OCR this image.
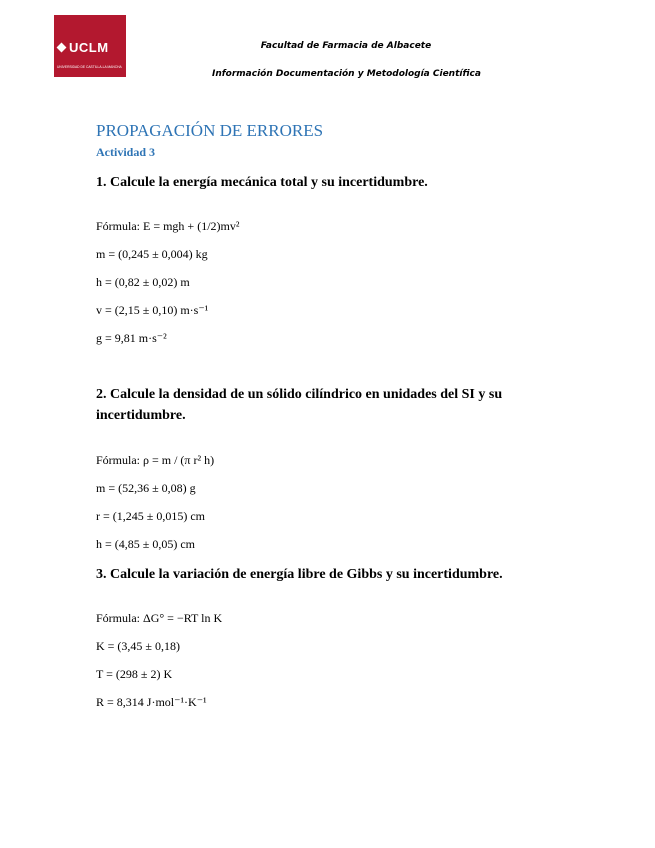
UCLM
UNIVERSIDAD DE CASTILLA-LA MANCHA
Facultad de Farmacia de Albacete
Información Documentación y Metodología Científica
PROPAGACIÓN DE ERRORES
Actividad 3
1. Calcule la energía mecánica total y su incertidumbre.
Fórmula: E = mgh + (1/2)mv²
m = (0,245 ± 0,004) kg
h = (0,82 ± 0,02) m
v = (2,15 ± 0,10) m·s⁻¹
g = 9,81 m·s⁻²
2. Calcule la densidad de un sólido cilíndrico en unidades del SI y su incertidumbre.
Fórmula: ρ = m / (π r² h)
m = (52,36 ± 0,08) g
r = (1,245 ± 0,015) cm
h = (4,85 ± 0,05) cm
3. Calcule la variación de energía libre de Gibbs y su incertidumbre.
Fórmula: ΔG° = −RT ln K
K = (3,45 ± 0,18)
T = (298 ± 2) K
R = 8,314 J·mol⁻¹·K⁻¹
